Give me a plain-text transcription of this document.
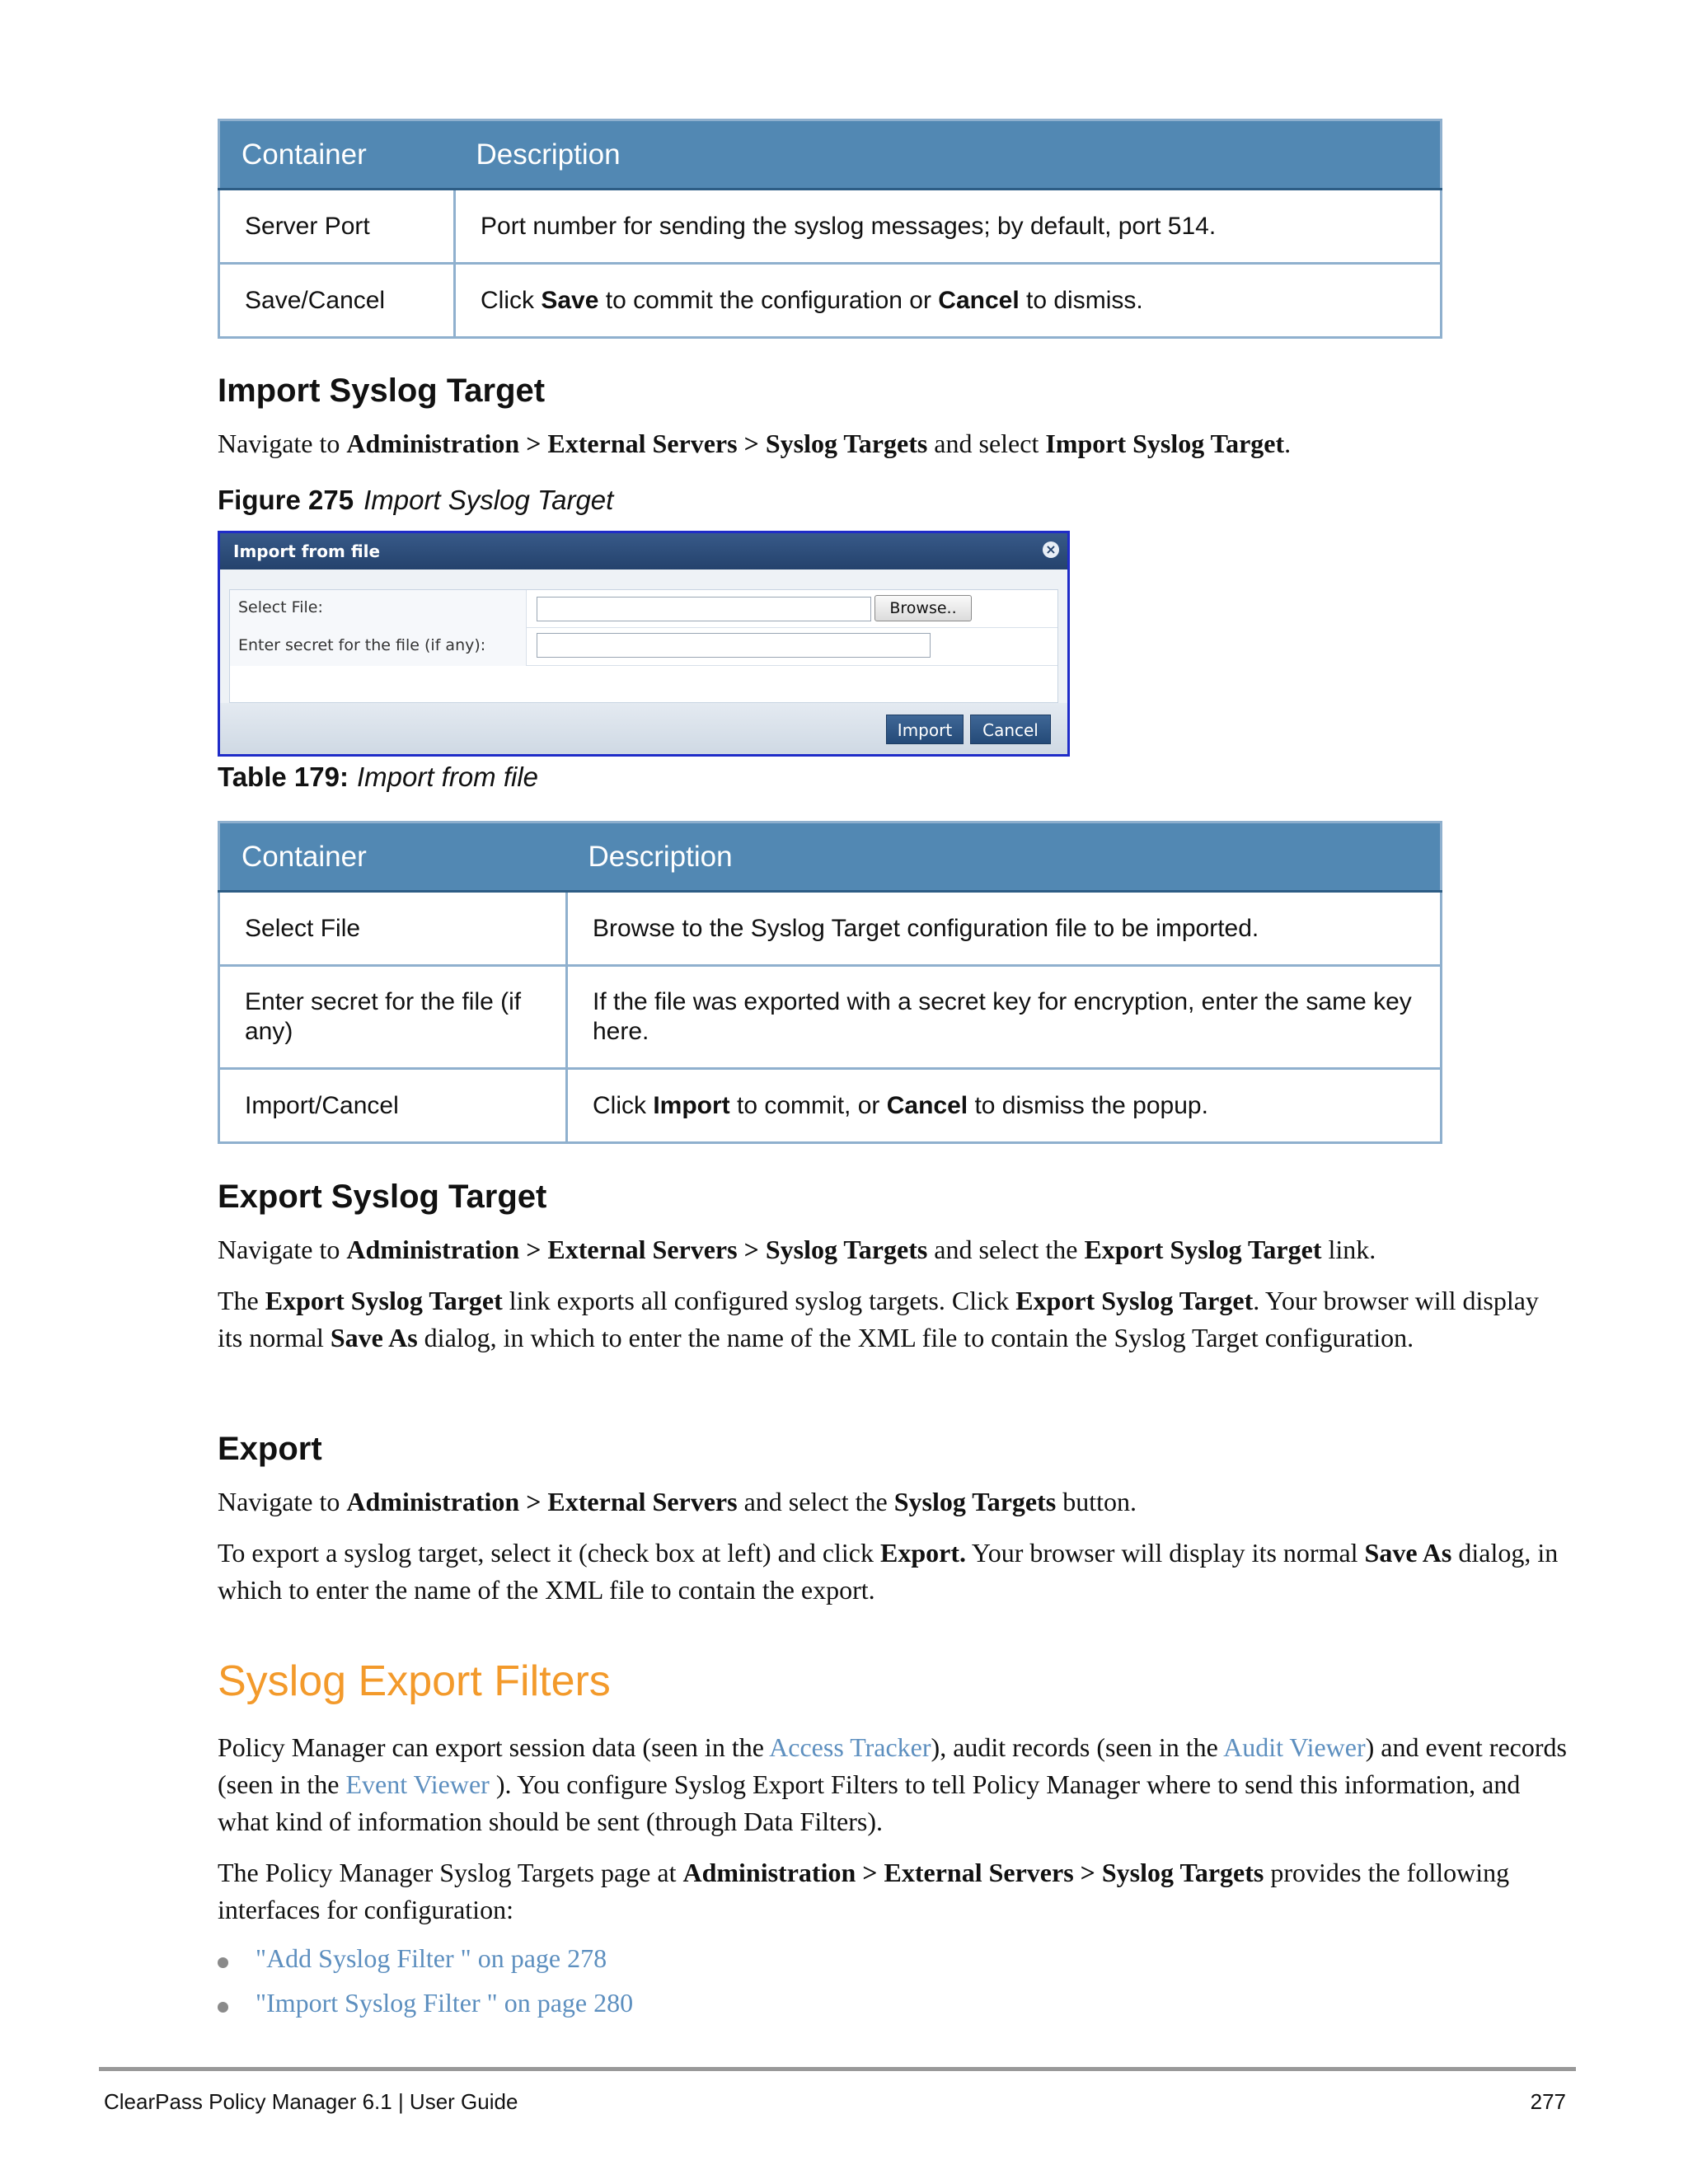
Container	Description
Server Port	Port number for sending the syslog messages; by default, port 514.
Save/Cancel	Click Save to commit the configuration or Cancel to dismiss.
Import Syslog Target
Navigate to Administration > External Servers > Syslog Targets and select Import Syslog Target.
Figure 275 Import Syslog Target
Import from file	×
Select File:	Browse..
Enter secret for the file (if any):
Import	Cancel
Table 179: Import from file
Container	Description
Select File	Browse to the Syslog Target configuration file to be imported.
Enter secret for the file (if any)	If the file was exported with a secret key for encryption, enter the same key here.
Import/Cancel	Click Import to commit, or Cancel to dismiss the popup.
Export Syslog Target
Navigate to Administration > External Servers > Syslog Targets and select the Export Syslog Target link.
The Export Syslog Target link exports all configured syslog targets. Click Export Syslog Target. Your browser will display its normal Save As dialog, in which to enter the name of the XML file to contain the Syslog Target configuration.
Export
Navigate to Administration > External Servers and select the Syslog Targets button.
To export a syslog target, select it (check box at left) and click Export. Your browser will display its normal Save As dialog, in which to enter the name of the XML file to contain the export.
Syslog Export Filters
Policy Manager can export session data (seen in the Access Tracker), audit records (seen in the Audit Viewer) and event records (seen in the Event Viewer ). You configure Syslog Export Filters to tell Policy Manager where to send this information, and what kind of information should be sent (through Data Filters).
The Policy Manager Syslog Targets page at Administration > External Servers > Syslog Targets provides the following interfaces for configuration:
"Add Syslog Filter " on page 278
"Import Syslog Filter " on page 280
ClearPass Policy Manager 6.1 | User Guide	277
